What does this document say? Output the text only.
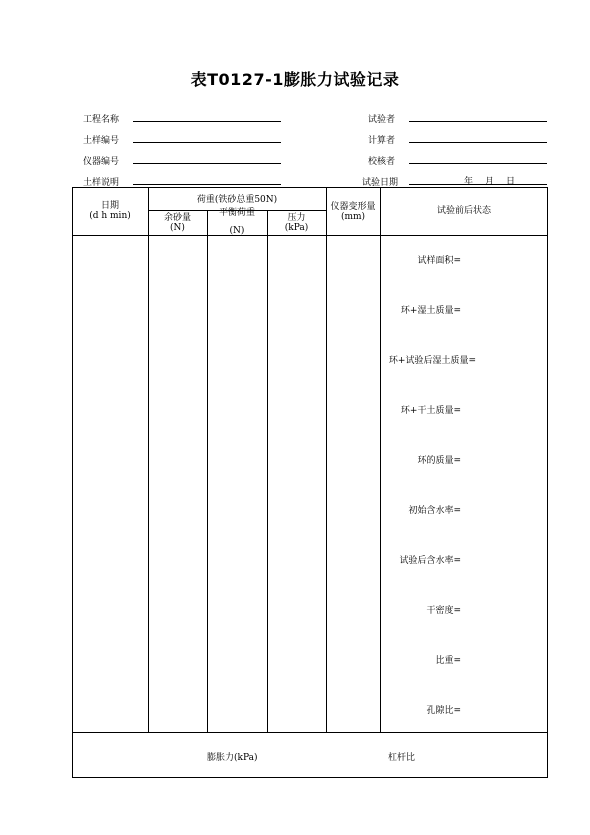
表T0127-1膨胀力试验记录
工程名称
土样编号
仪器编号
土样说明
试验者
计算者
校核者
试验日期	年 月 日
日期
(d h min)
荷重(铁砂总重50N)
余砂量
(N)
平衡荷重
(N)
压力
(kPa)
仪器变形量
(mm)
试验前后状态
试样面积=
环+湿土质量=
环+试验后湿土质量=
环+干土质量=
环的质量=
初始含水率=
试验后含水率=
干密度=
比重=
孔隙比=
膨胀力(kPa)	杠杆比
